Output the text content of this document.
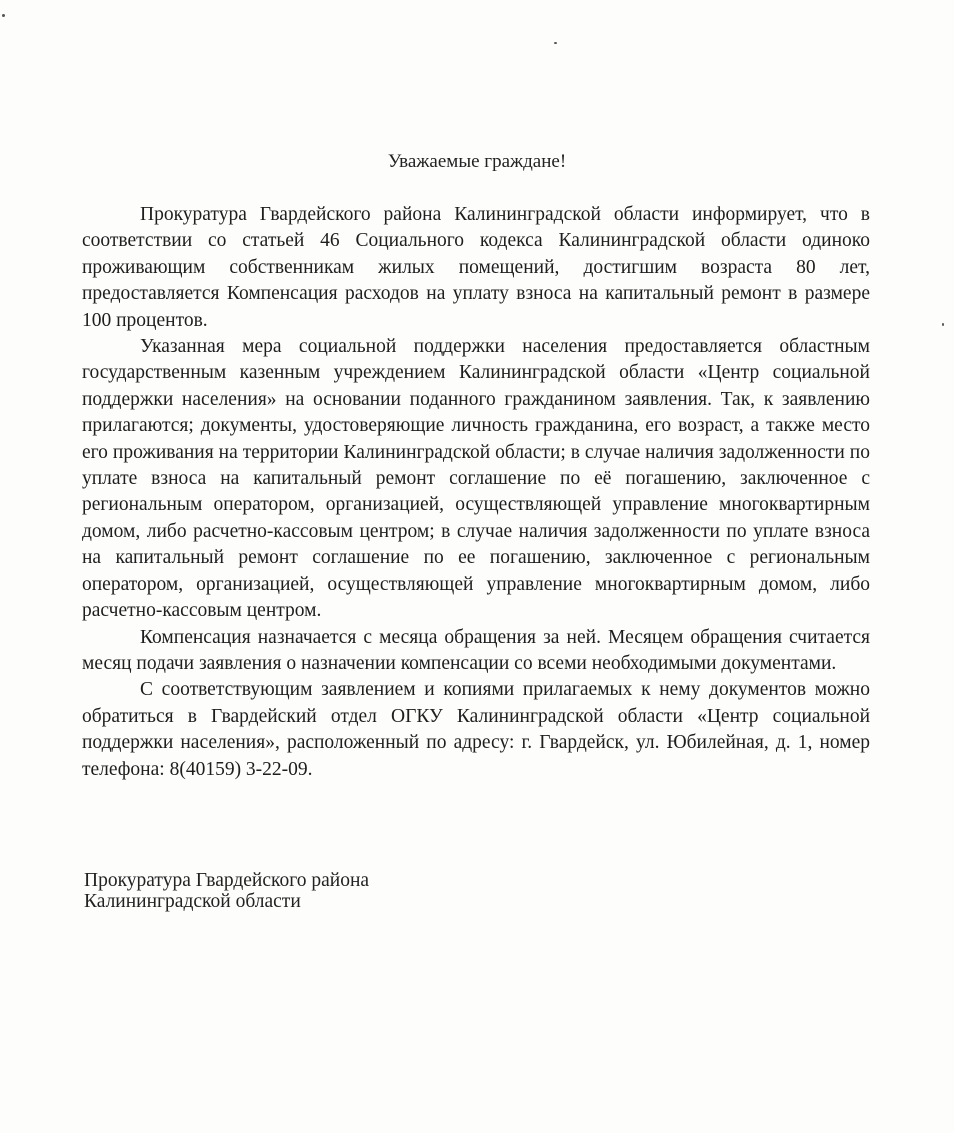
Уважаемые граждане!

Прокуратура Гвардейского района Калининградской области информирует, что в соответствии со статьей 46 Социального кодекса Калининградской области одиноко проживающим собственникам жилых помещений, достигшим возраста 80 лет, предоставляется Компенсация расходов на уплату взноса на капитальный ремонт в размере 100 процентов.

Указанная мера социальной поддержки населения предоставляется областным государственным казенным учреждением Калининградской области «Центр социальной поддержки населения» на основании поданного гражданином заявления. Так, к заявлению прилагаются; документы, удостоверяющие личность гражданина, его возраст, а также место его проживания на территории Калининградской области; в случае наличия задолженности по уплате взноса на капитальный ремонт соглашение по её погашению, заключенное с региональным оператором, организацией, осуществляющей управление многоквартирным домом, либо расчетно-кассовым центром; в случае наличия задолженности по уплате взноса на капитальный ремонт соглашение по ее погашению, заключенное с региональным оператором, организацией, осуществляющей управление многоквартирным домом, либо расчетно-кассовым центром.

Компенсация назначается с месяца обращения за ней. Месяцем обращения считается месяц подачи заявления о назначении компенсации со всеми необходимыми документами.

С соответствующим заявлением и копиями прилагаемых к нему документов можно обратиться в Гвардейский отдел ОГКУ Калининградской области «Центр социальной поддержки населения», расположенный по адресу: г. Гвардейск, ул. Юбилейная, д. 1, номер телефона: 8(40159) 3-22-09.

Прокуратура Гвардейского района
Калининградской области
